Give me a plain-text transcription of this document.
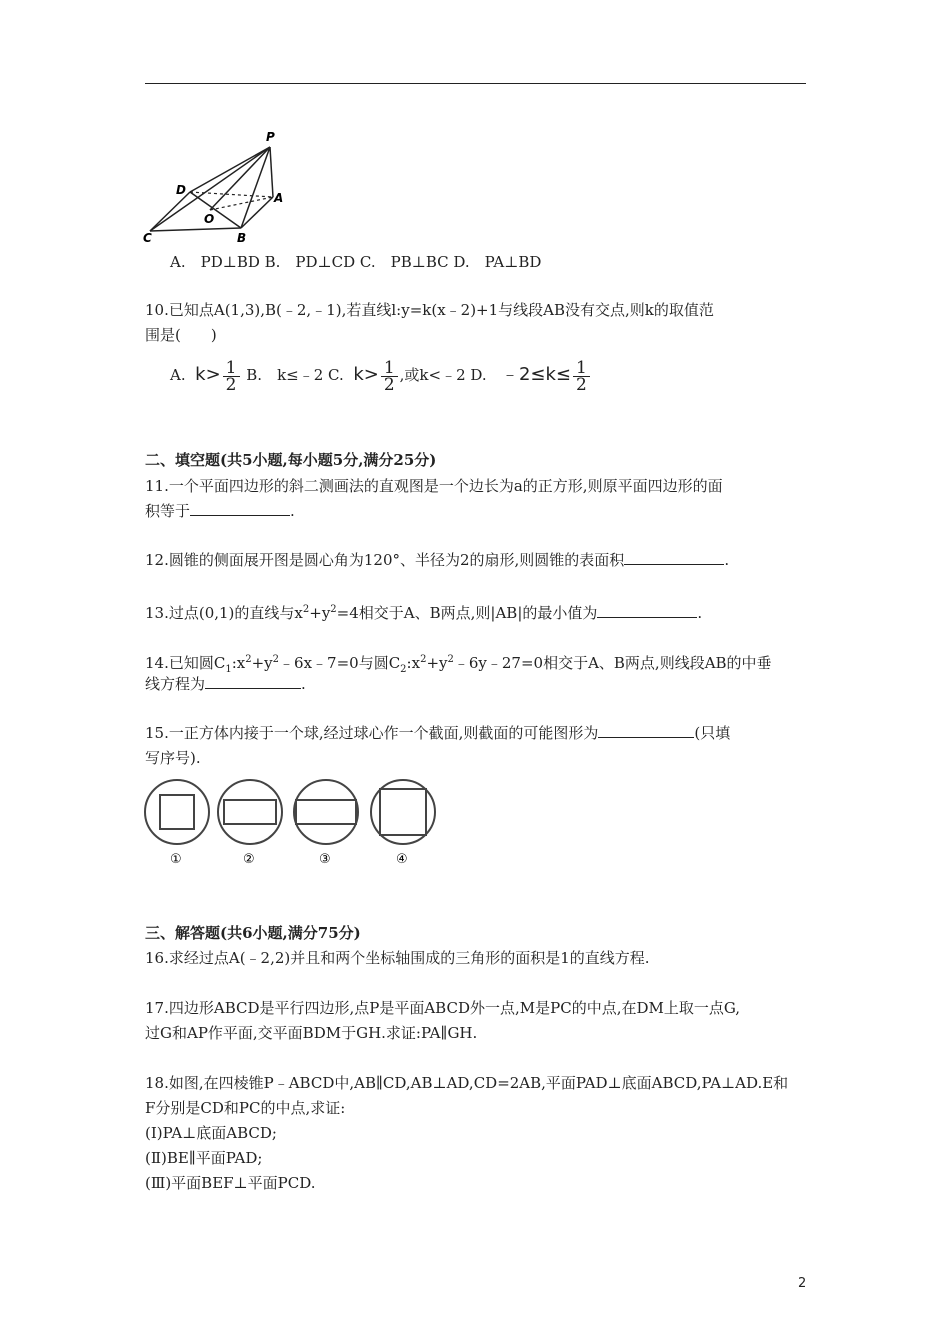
P
D
A
O
C	B
A.　PD⊥BD B.　PD⊥CD C.　PB⊥BC D.　PA⊥BD
10.已知点A(1,3),B(﹣2,﹣1),若直线l:y=k(x﹣2)+1与线段AB没有交点,则k的取值范
围是(　　)
A. $k> \frac{1}{2} B$.　k≤﹣2 C. $k> \frac{1}{2}$ ,或k<﹣2 D. ﹣2≤k≤ $\frac{1}{2}$
二、填空题(共5小题,每小题5分,满分25分)
11.一个平面四边形的斜二测画法的直观图是一个边长为a的正方形,则原平面四边形的面
积等于	.
12.圆锥的侧面展开图是圆心角为120°、半径为2的扇形,则圆锥的表面积	.
13.过点(0,1)的直线与$x^2+y^2=4$相交于A、B两点,则|AB|的最小值为	.
14.已知圆$C_1:x^2+y^2﹣6x﹣7=0$与圆$C_2:x^2+y^2﹣6y﹣27=0$相交于A、B两点,则线段AB的中垂
线方程为	.
15.一正方体内接于一个球,经过球心作一个截面,则截面的可能图形为	(只填
写序号).
①	②	③	④
三、解答题(共6小题,满分75分)
16.求经过点A(﹣2,2)并且和两个坐标轴围成的三角形的面积是1的直线方程.
17.四边形ABCD是平行四边形,点P是平面ABCD外一点,M是PC的中点,在DM上取一点G,
过G和AP作平面,交平面BDM于GH.求证:PA∥GH.
18.如图,在四棱锥P﹣ABCD中,AB∥CD,AB⊥AD,CD=2AB,平面PAD⊥底面ABCD,PA⊥AD.E和
F分别是CD和PC的中点,求证:
(Ⅰ)PA⊥底面ABCD;
(Ⅱ)BE∥平面PAD;
(Ⅲ)平面BEF⊥平面PCD.
2
